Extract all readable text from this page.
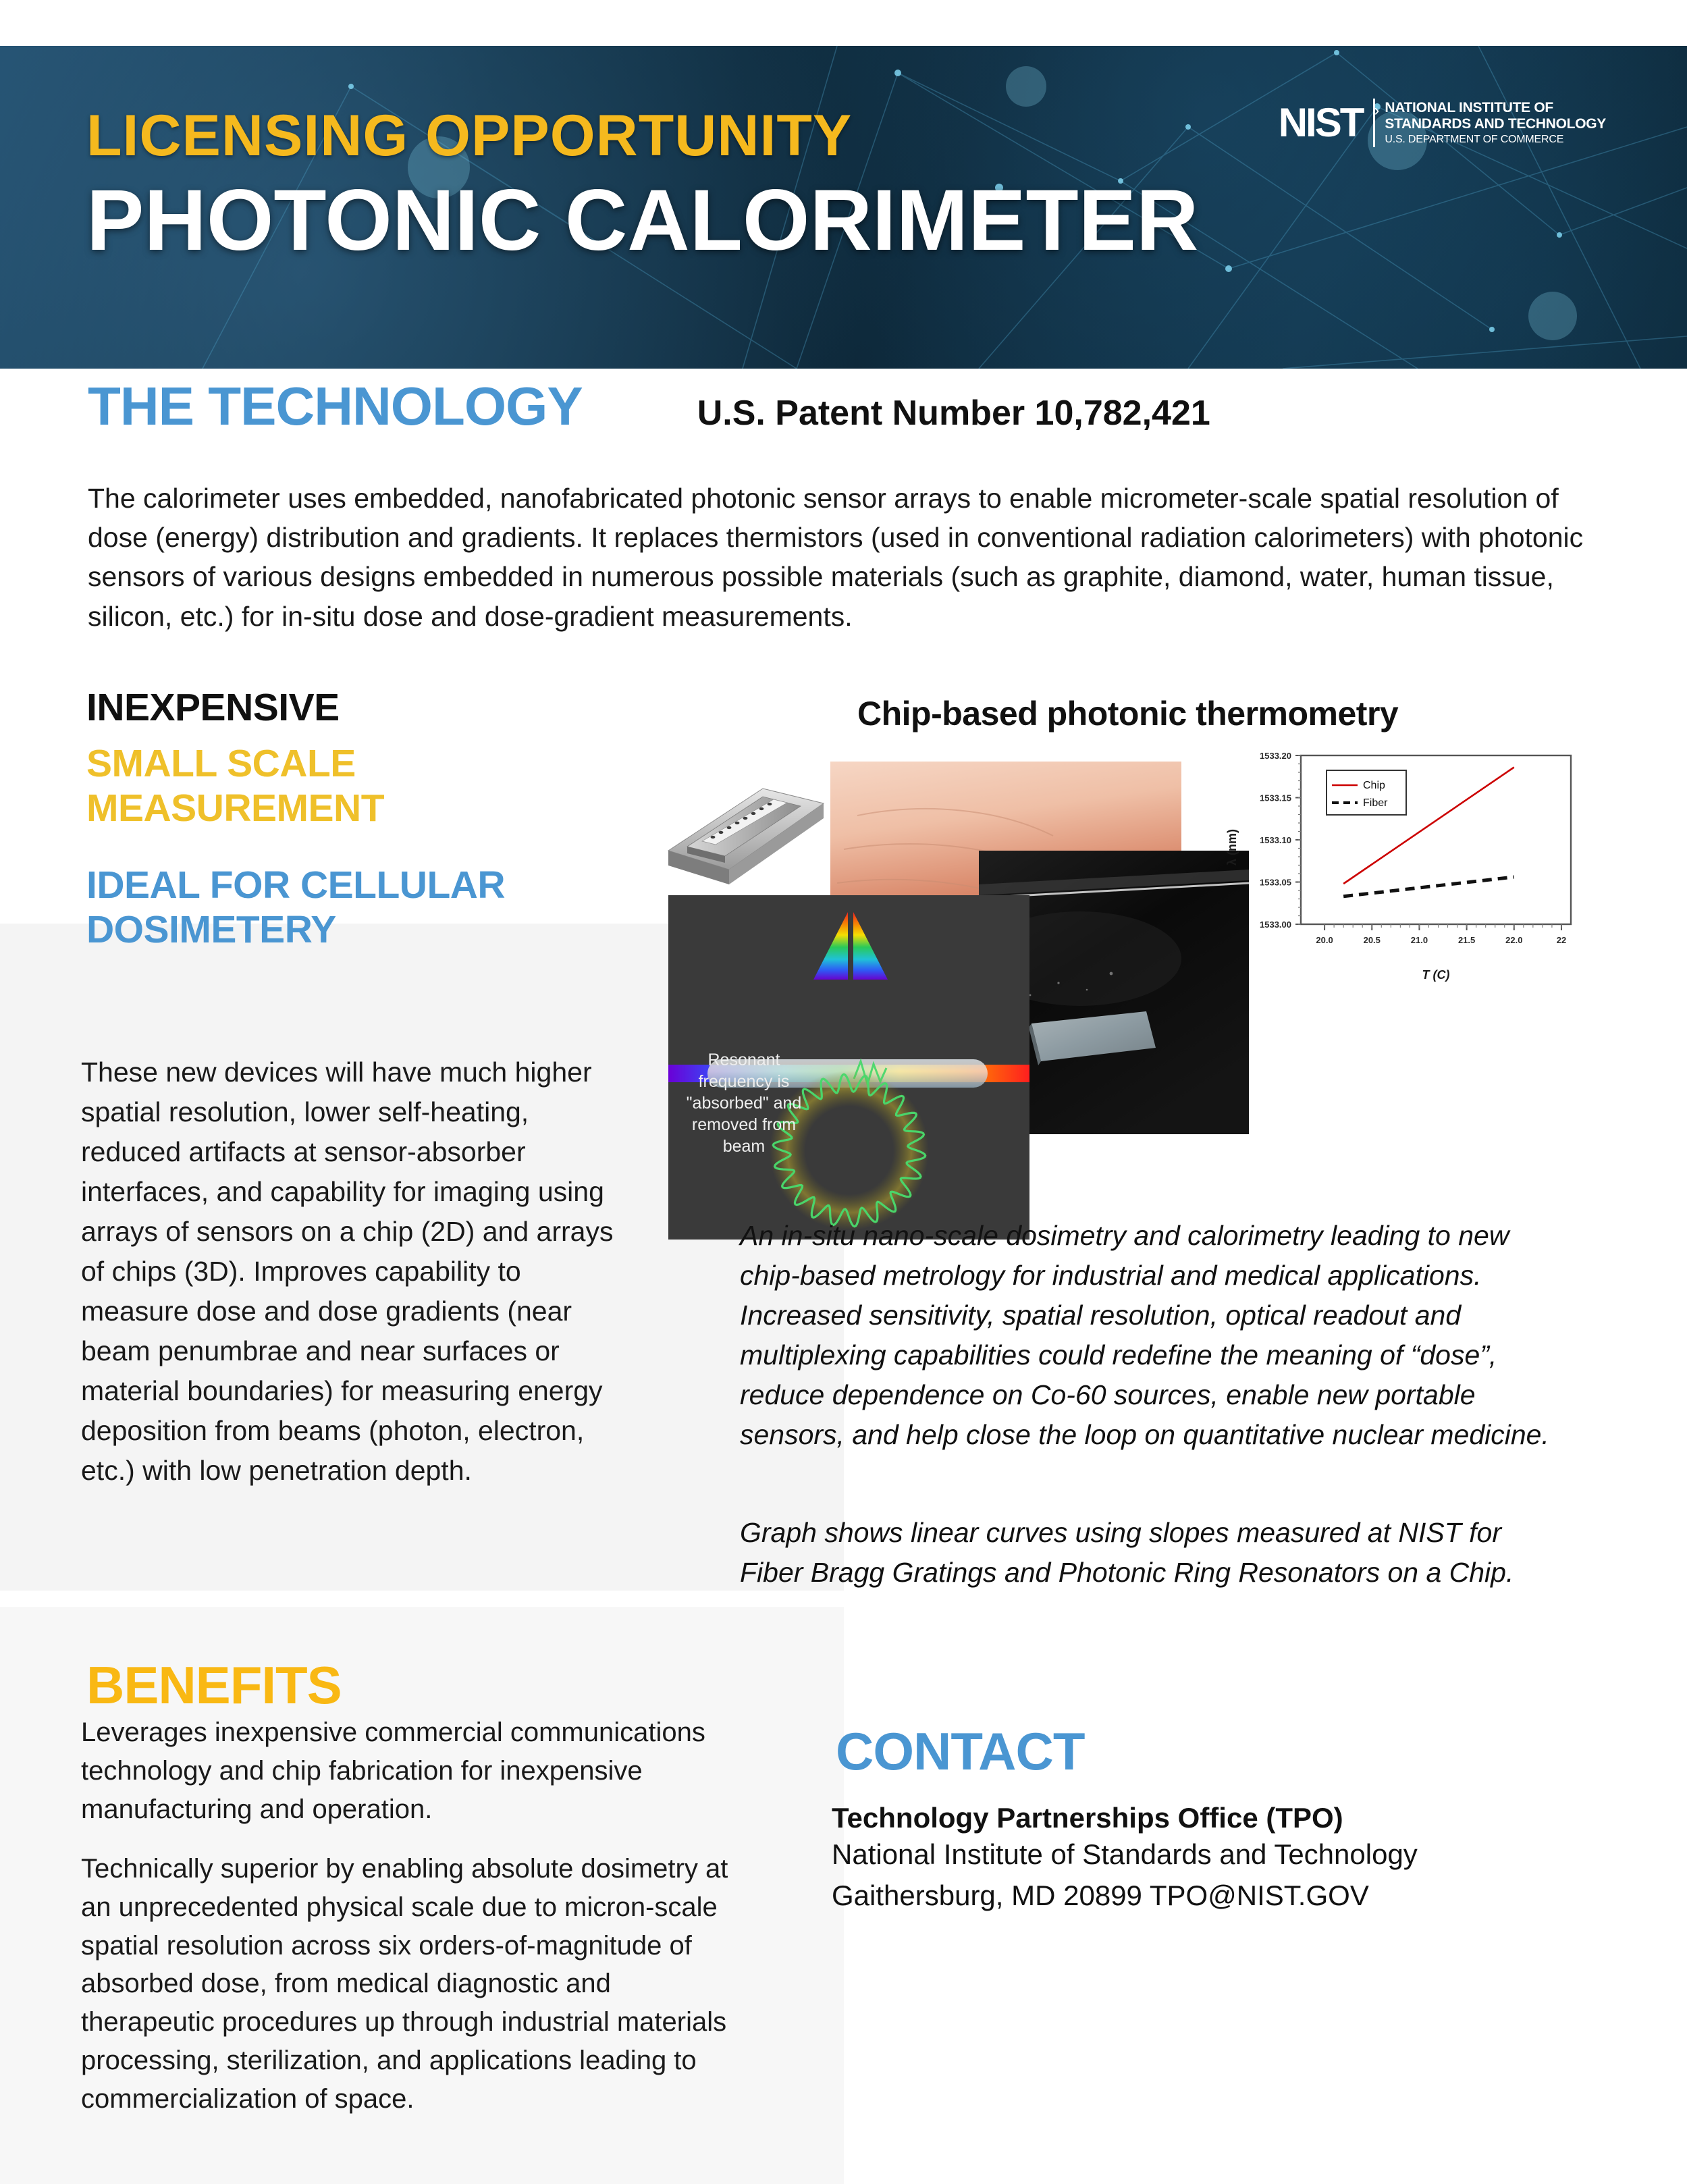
LICENSING OPPORTUNITY
PHOTONIC CALORIMETER
NIST › NATIONAL INSTITUTE OF
STANDARDS AND TECHNOLOGY
U.S. DEPARTMENT OF COMMERCE
THE TECHNOLOGY	U.S. Patent Number 10,782,421

The calorimeter uses embedded, nanofabricated photonic sensor arrays to enable micrometer-scale spatial resolution of dose (energy) distribution and gradients. It replaces thermistors (used in conventional radiation calorimeters) with photonic sensors of various designs embedded in numerous possible materials (such as graphite, diamond, water, human tissue, silicon, etc.) for in-situ dose and dose-gradient measurements.

INEXPENSIVE
SMALL SCALE MEASUREMENT
IDEAL FOR CELLULAR DOSIMETERY

These new devices will have much higher spatial resolution, lower self-heating, reduced artifacts at sensor-absorber interfaces, and capability for imaging using arrays of sensors on a chip (2D) and arrays of chips (3D). Improves capability to measure dose and dose gradients (near beam penumbrae and near surfaces or material boundaries) for measuring energy deposition from beams (photon, electron, etc.) with low penetration depth.

Chip-based photonic thermometry
Resonant frequency is "absorbed" and removed from beam
1533.00
1533.05
1533.10
1533.15
1533.20
20.0	20.5	21.0	21.5	22.0	22
Chip
Fiber
T (C)
λ (nm)

An in-situ nano-scale dosimetry and calorimetry leading to new chip-based metrology for industrial and medical applications. Increased sensitivity, spatial resolution, optical readout and multiplexing capabilities could redefine the meaning of “dose”, reduce dependence on Co-60 sources, enable new portable sensors, and help close the loop on quantitative nuclear medicine.

Graph shows linear curves using slopes measured at NIST for Fiber Bragg Gratings and Photonic Ring Resonators on a Chip.

BENEFITS

Leverages inexpensive commercial communications technology and chip fabrication for inexpensive manufacturing and operation.

Technically superior by enabling absolute dosimetry at an unprecedented physical scale due to micron-scale spatial resolution across six orders-of-magnitude of absorbed dose, from medical diagnostic and therapeutic procedures up through industrial materials processing, sterilization, and applications leading to commercialization of space.

CONTACT
Technology Partnerships Office (TPO)
National Institute of Standards and Technology Gaithersburg, MD 20899 TPO@NIST.GOV
